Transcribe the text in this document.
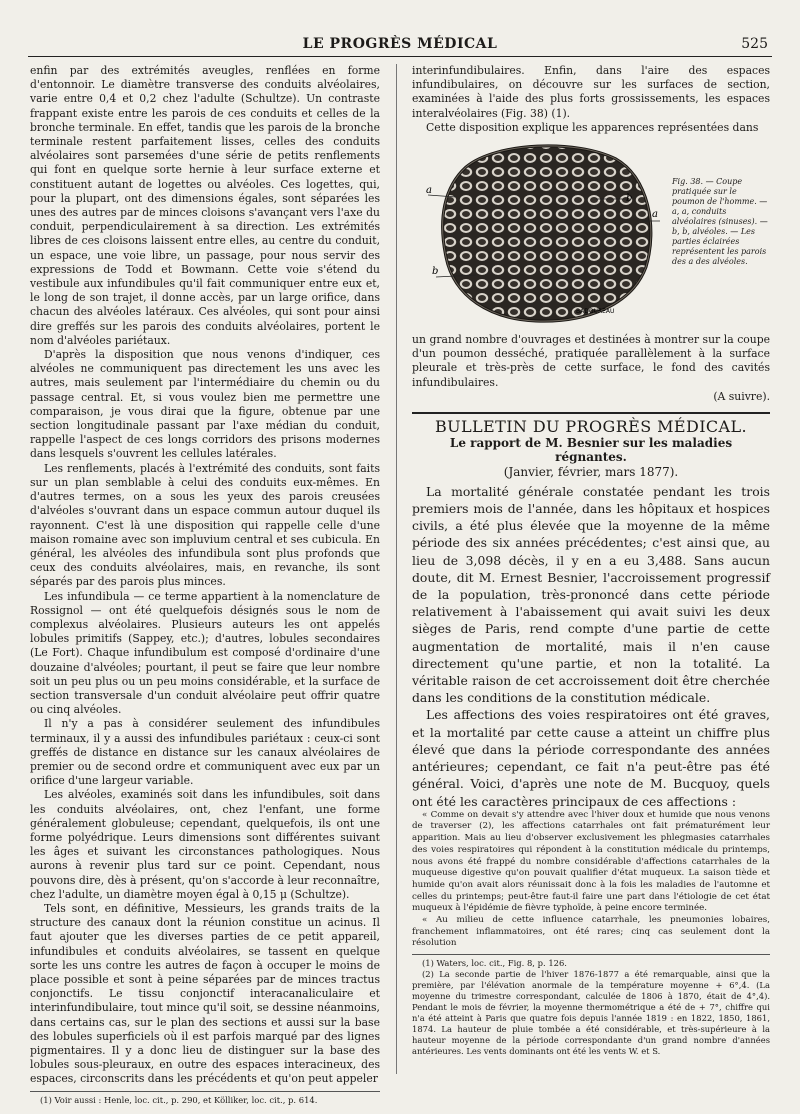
LE PROGRÈS MÉDICAL	525

enfin par des extrémités aveugles, renflées en forme d'entonnoir. Le diamètre transverse des conduits alvéolaires, varie entre 0,4 et 0,2 chez l'adulte (Schultze). Un contraste frappant existe entre les parois de ces conduits et celles de la bronche terminale. En effet, tandis que les parois de la bronche terminale restent parfaitement lisses, celles des conduits alvéolaires sont parsemées d'une série de petits renflements qui font en quelque sorte hernie à leur surface externe et constituent autant de logettes ou alvéoles. Ces logettes, qui, pour la plupart, ont des dimensions égales, sont séparées les unes des autres par de minces cloisons s'avançant vers l'axe du conduit, perpendiculairement à sa direction. Les extrémités libres de ces cloisons laissent entre elles, au centre du conduit, un espace, une voie libre, un passage, pour nous servir des expressions de Todd et Bowmann. Cette voie s'étend du vestibule aux infundibules qu'il fait communiquer entre eux et, le long de son trajet, il donne accès, par un large orifice, dans chacun des alvéoles latéraux. Ces alvéoles, qui sont pour ainsi dire greffés sur les parois des conduits alvéolaires, portent le nom d'alvéoles pariétaux.

D'après la disposition que nous venons d'indiquer, ces alvéoles ne communiquent pas directement les uns avec les autres, mais seulement par l'intermédiaire du chemin ou du passage central. Et, si vous voulez bien me permettre une comparaison, je vous dirai que la figure, obtenue par une section longitudinale passant par l'axe médian du conduit, rappelle l'aspect de ces longs corridors des prisons modernes dans lesquels s'ouvrent les cellules latérales.

Les renflements, placés à l'extrémité des conduits, sont faits sur un plan semblable à celui des conduits eux-mêmes. En d'autres termes, on a sous les yeux des parois creusées d'alvéoles s'ouvrant dans un espace commun autour duquel ils rayonnent. C'est là une disposition qui rappelle celle d'une maison romaine avec son impluvium central et ses cubicula. En général, les alvéoles des infundibula sont plus profonds que ceux des conduits alvéolaires, mais, en revanche, ils sont séparés par des parois plus minces.

Les infundibula — ce terme appartient à la nomenclature de Rossignol — ont été quelquefois désignés sous le nom de complexus alvéolaires. Plusieurs auteurs les ont appelés lobules primitifs (Sappey, etc.); d'autres, lobules secondaires (Le Fort). Chaque infundibulum est composé d'ordinaire d'une douzaine d'alvéoles; pourtant, il peut se faire que leur nombre soit un peu plus ou un peu moins considérable, et la surface de section transversale d'un conduit alvéolaire peut offrir quatre ou cinq alvéoles.

Il n'y a pas à considérer seulement des infundibules terminaux, il y a aussi des infundibules pariétaux : ceux-ci sont greffés de distance en distance sur les canaux alvéolaires de premier ou de second ordre et communiquent avec eux par un orifice d'une largeur variable.

Les alvéoles, examinés soit dans les infundibules, soit dans les conduits alvéolaires, ont, chez l'enfant, une forme généralement globuleuse; cependant, quelquefois, ils ont une forme polyédrique. Leurs dimensions sont différentes suivant les âges et suivant les circonstances pathologiques. Nous aurons à revenir plus tard sur ce point. Cependant, nous pouvons dire, dès à présent, qu'on s'accorde à leur reconnaître, chez l'adulte, un diamètre moyen égal à 0,15 μ (Schultze).

Tels sont, en définitive, Messieurs, les grands traits de la structure des canaux dont la réunion constitue un acinus. Il faut ajouter que les diverses parties de ce petit appareil, infundibules et conduits alvéolaires, se tassent en quelque sorte les uns contre les autres de façon à occuper le moins de place possible et sont à peine séparées par de minces tractus conjonctifs. Le tissu conjonctif interacanaliculaire et interinfundibulaire, tout mince qu'il soit, se dessine néanmoins, dans certains cas, sur le plan des sections et aussi sur la base des lobules superficiels où il est parfois marqué par des lignes pigmentaires. Il y a donc lieu de distinguer sur la base des lobules sous-pleuraux, en outre des espaces interacineux, des espaces, circonscrits dans les précédents et qu'on peut appeler

(1) Voir aussi : Henle, loc. cit., p. 290, et Kölliker, loc. cit., p. 614.

interinfundibulaires. Enfin, dans l'aire des espaces infundibulaires, on découvre sur les surfaces de section, examinées à l'aide des plus forts grossissements, les espaces interalvéolaires (Fig. 38) (1).

Cette disposition explique les apparences représentées dans

a
b
a
b
BADOUREAU
Fig. 38. — Coupe pratiquée sur le poumon de l'homme. — a, a, conduits alvéolaires (sinuses). — b, b, alvéoles. — Les parties éclairées représentent les parois des a des alvéoles.

un grand nombre d'ouvrages et destinées à montrer sur la coupe d'un poumon desséché, pratiquée parallèlement à la surface pleurale et très-près de cette surface, le fond des cavités infundibulaires.

(A suivre).

BULLETIN DU PROGRÈS MÉDICAL.
Le rapport de M. Besnier sur les maladies régnantes.
(Janvier, février, mars 1877).

La mortalité générale constatée pendant les trois premiers mois de l'année, dans les hôpitaux et hospices civils, a été plus élevée que la moyenne de la même période des six années précédentes; c'est ainsi que, au lieu de 3,098 décès, il y en a eu 3,488. Sans aucun doute, dit M. Ernest Besnier, l'accroissement progressif de la population, très-prononcé dans cette période relativement à l'abaissement qui avait suivi les deux sièges de Paris, rend compte d'une partie de cette augmentation de mortalité, mais il n'en cause directement qu'une partie, et non la totalité. La véritable raison de cet accroissement doit être cherchée dans les conditions de la constitution médicale.

Les affections des voies respiratoires ont été graves, et la mortalité par cette cause a atteint un chiffre plus élevé que dans la période correspondante des années antérieures; cependant, ce fait n'a peut-être pas été général. Voici, d'après une note de M. Bucquoy, quels ont été les caractères principaux de ces affections :

« Comme on devait s'y attendre avec l'hiver doux et humide que nous venons de traverser (2), les affections catarrhales ont fait prématurément leur apparition. Mais au lieu d'observer exclusivement les phlegmasies catarrhales des voies respiratoires qui répondent à la constitution médicale du printemps, nous avons été frappé du nombre considérable d'affections catarrhales de la muqueuse digestive qu'on pouvait qualifier d'état muqueux. La saison tiède et humide qu'on avait alors réunissait donc à la fois les maladies de l'automne et celles du printemps; peut-être faut-il faire une part dans l'étiologie de cet état muqueux à l'épidémie de fièvre typhoïde, à peine encore terminée.

« Au milieu de cette influence catarrhale, les pneumonies lobaires, franchement inflammatoires, ont été rares; cinq cas seulement dont la résolution

(1) Waters, loc. cit., Fig. 8, p. 126.

(2) La seconde partie de l'hiver 1876-1877 a été remarquable, ainsi que la première, par l'élévation anormale de la température moyenne + 6°,4. (La moyenne du trimestre correspondant, calculée de 1806 à 1870, était de 4°,4). Pendant le mois de février, la moyenne thermométrique a été de + 7°, chiffre qui n'a été atteint à Paris que quatre fois depuis l'année 1819 : en 1822, 1850, 1861, 1874. La hauteur de pluie tombée a été considérable, et très-supérieure à la hauteur moyenne de la période correspondante d'un grand nombre d'années antérieures. Les vents dominants ont été les vents W. et S.
